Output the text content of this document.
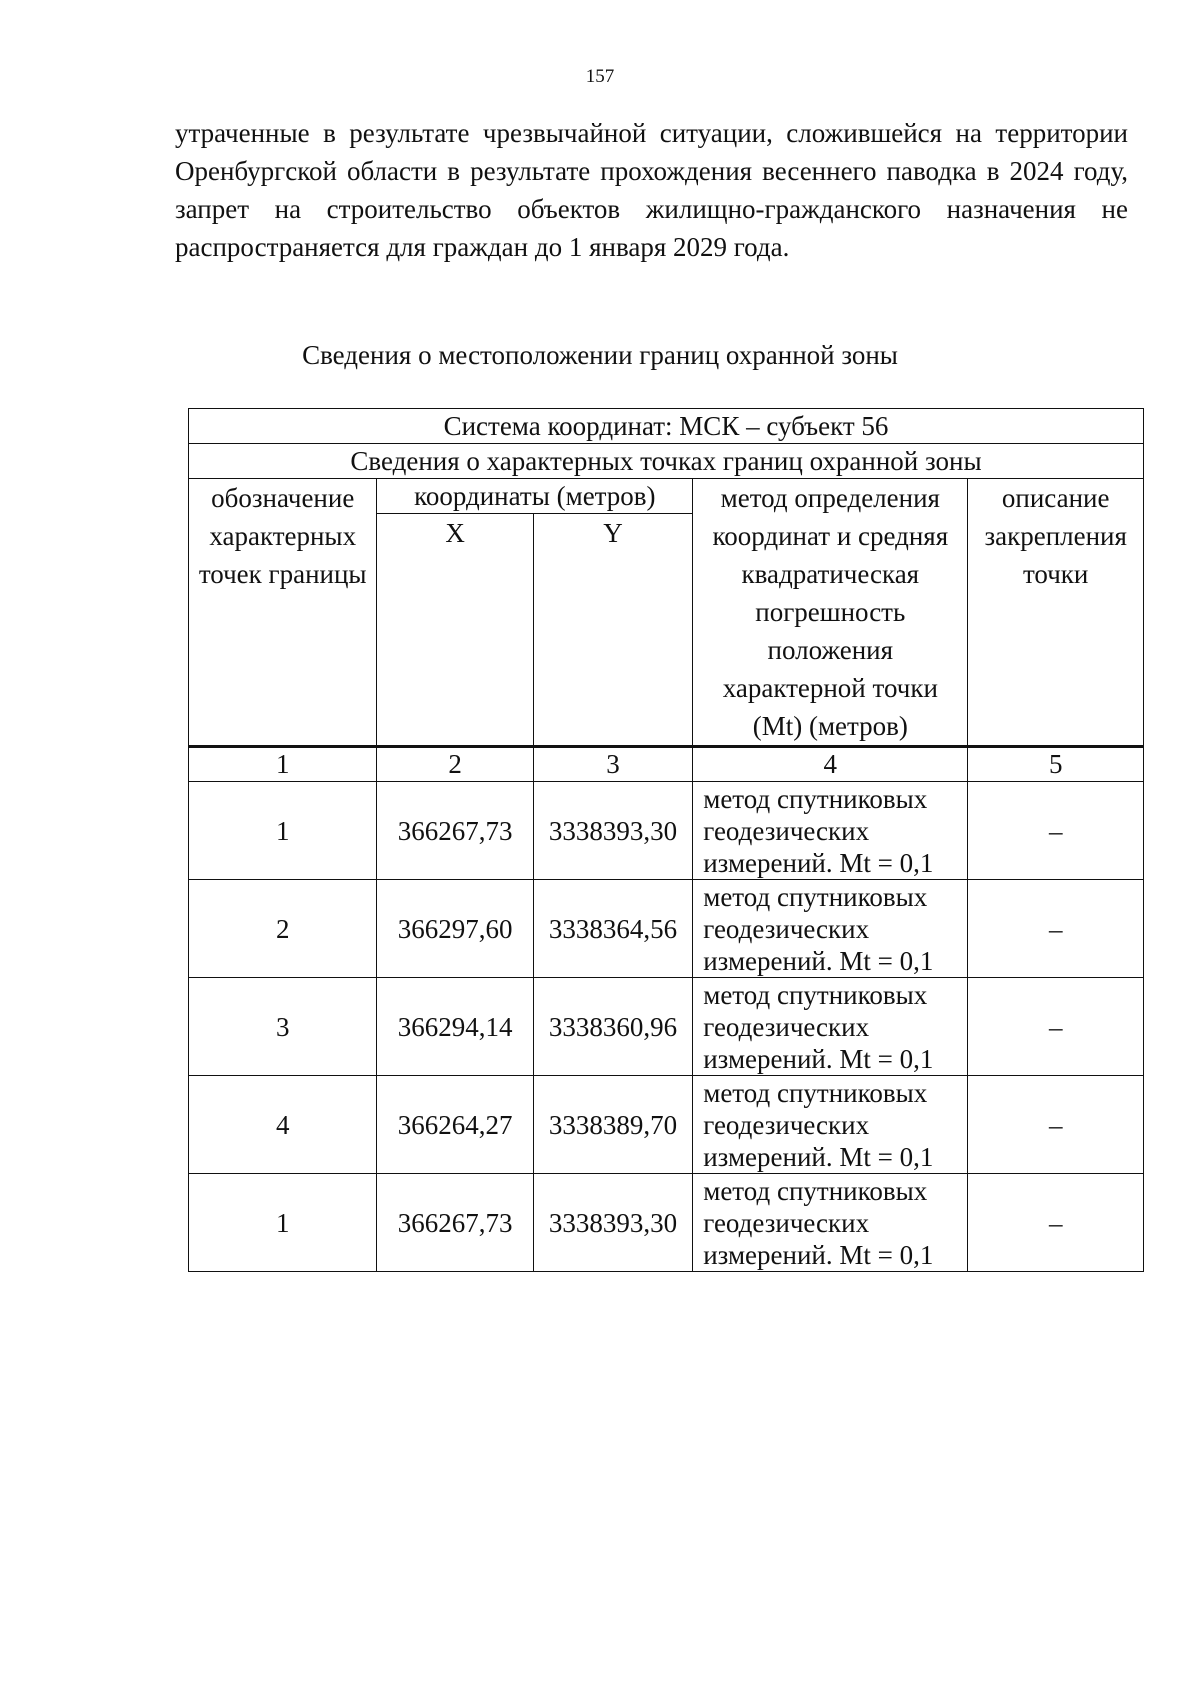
157

утраченные в результате чрезвычайной ситуации, сложившейся на территории Оренбургской области в результате прохождения весеннего паводка в 2024 году, запрет на строительство объектов жилищно-гражданского назначения не распространяется для граждан до 1 января 2029 года.

Сведения о местоположении границ охранной зоны
Система координат: МСК – субъект 56				
Сведения о характерных точках границ охранной зоны				
обозначение характерных точек границы	координаты (метров)		метод определения координат и средняя квадратическая погрешность положения характерной точки (Mt) (метров)	описание закрепления точки
	X	Y		
1	2	3	4	5
1	366267,73	3338393,30	метод спутниковых
геодезических
измерений. Mt = 0,1	–
2	366297,60	3338364,56	метод спутниковых
геодезических
измерений. Mt = 0,1	–
3	366294,14	3338360,96	метод спутниковых
геодезических
измерений. Mt = 0,1	–
4	366264,27	3338389,70	метод спутниковых
геодезических
измерений. Mt = 0,1	–
1	366267,73	3338393,30	метод спутниковых
геодезических
измерений. Mt = 0,1	–
